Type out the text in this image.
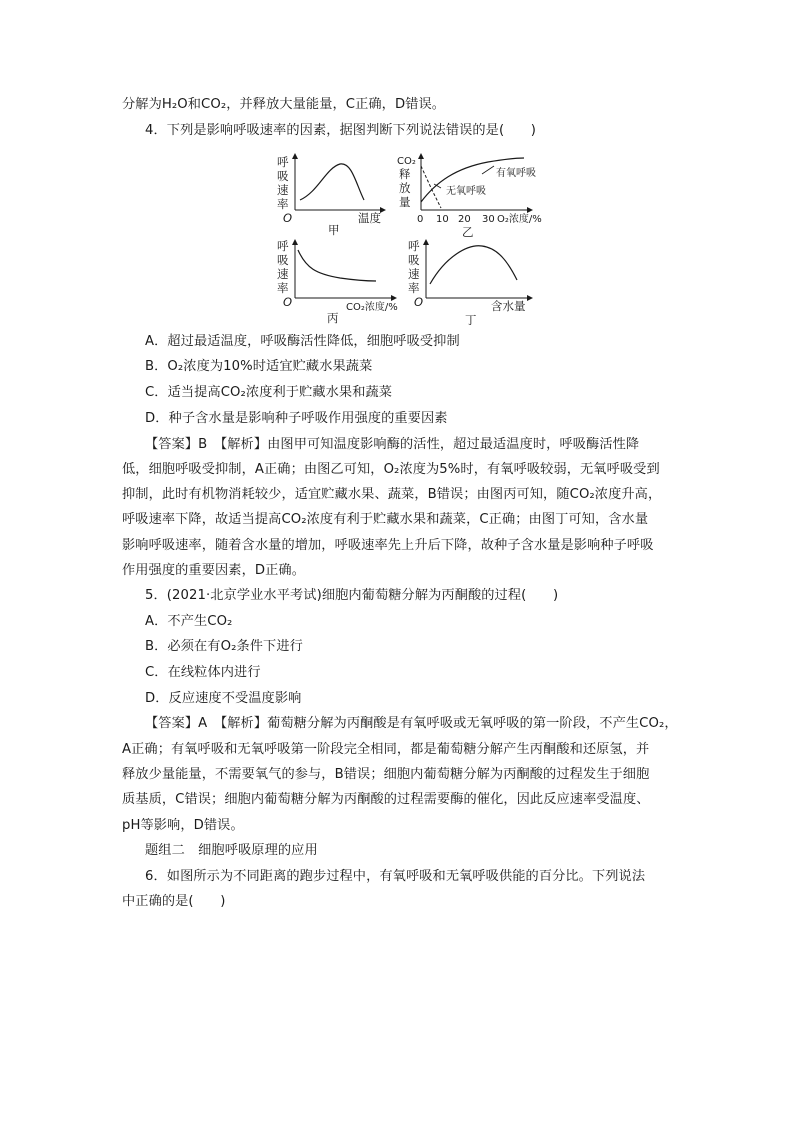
分解为H₂O和CO₂，并释放大量能量，C正确，D错误。
4．下列是影响呼吸速率的因素，据图判断下列说法错误的是(　　)
呼
吸
速
率
O	温度
甲
CO₂
释
放
量
有氧呼吸
无氧呼吸
0 10 20 30 O₂浓度/%
乙
呼
吸
速
率
O	CO₂浓度/%
丙
呼
吸
速
率
O	含水量
丁
A．超过最适温度，呼吸酶活性降低，细胞呼吸受抑制
B．O₂浓度为10%时适宜贮藏水果蔬菜
C．适当提高CO₂浓度利于贮藏水果和蔬菜
D．种子含水量是影响种子呼吸作用强度的重要因素
【答案】B　【解析】由图甲可知温度影响酶的活性，超过最适温度时，呼吸酶活性降
低，细胞呼吸受抑制，A正确；由图乙可知，O₂浓度为5%时，有氧呼吸较弱，无氧呼吸受到
抑制，此时有机物消耗较少，适宜贮藏水果、蔬菜，B错误；由图丙可知，随CO₂浓度升高，
呼吸速率下降，故适当提高CO₂浓度有利于贮藏水果和蔬菜，C正确；由图丁可知，含水量
影响呼吸速率，随着含水量的增加，呼吸速率先上升后下降，故种子含水量是影响种子呼吸
作用强度的重要因素，D正确。
5．(2021·北京学业水平考试)细胞内葡萄糖分解为丙酮酸的过程(　　)
A．不产生CO₂
B．必须在有O₂条件下进行
C．在线粒体内进行
D．反应速度不受温度影响
【答案】A　【解析】葡萄糖分解为丙酮酸是有氧呼吸或无氧呼吸的第一阶段，不产生CO₂，
A正确；有氧呼吸和无氧呼吸第一阶段完全相同，都是葡萄糖分解产生丙酮酸和还原氢，并
释放少量能量，不需要氧气的参与，B错误；细胞内葡萄糖分解为丙酮酸的过程发生于细胞
质基质，C错误；细胞内葡萄糖分解为丙酮酸的过程需要酶的催化，因此反应速率受温度、
pH等影响，D错误。
题组二　细胞呼吸原理的应用
6．如图所示为不同距离的跑步过程中，有氧呼吸和无氧呼吸供能的百分比。下列说法
中正确的是(　　)
